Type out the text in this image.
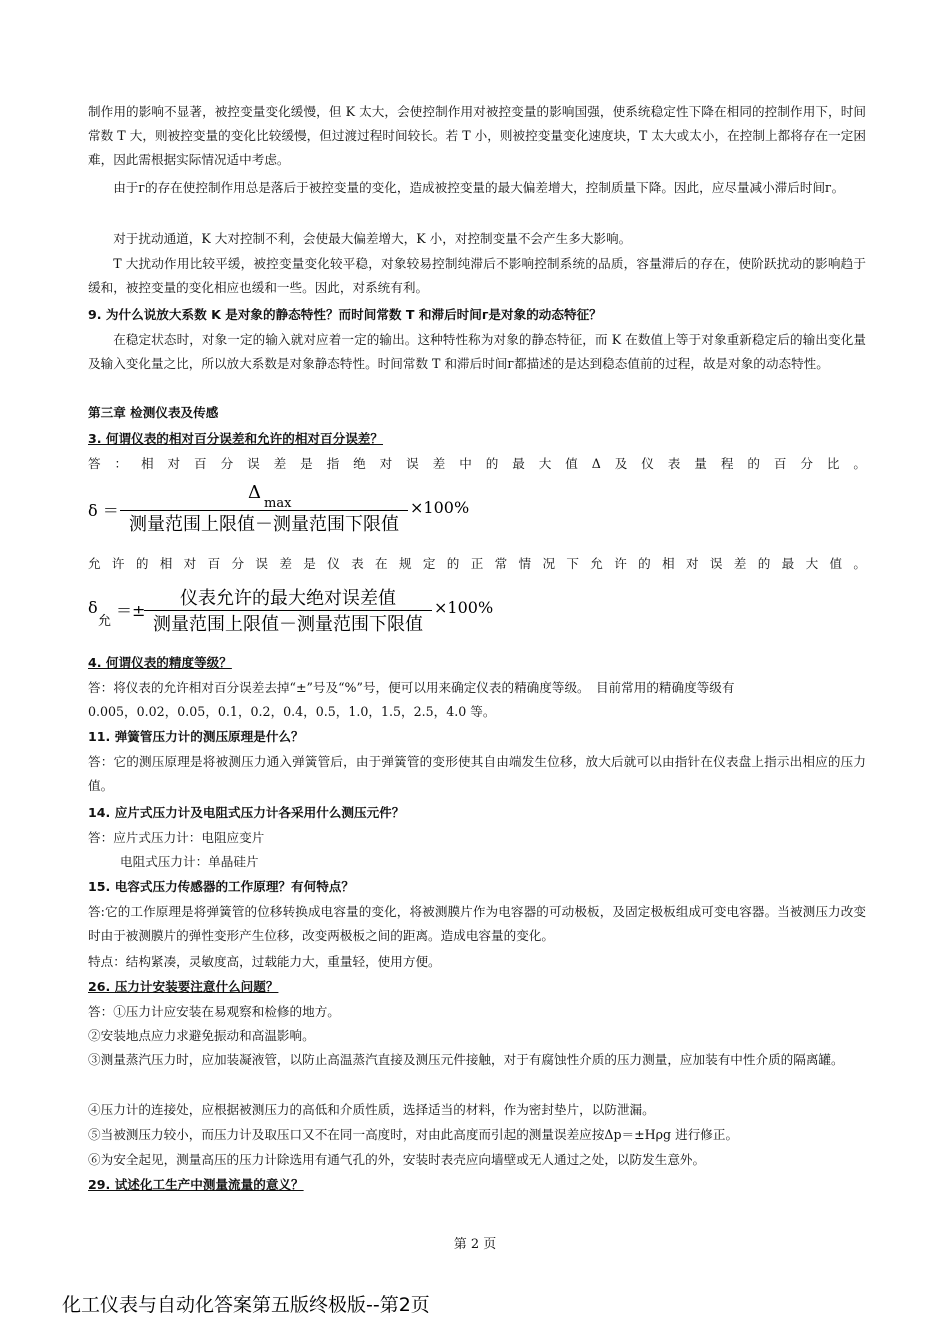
制作用的影响不显著，被控变量变化缓慢，但 K 太大，会使控制作用对被控变量的影响国强，使系统稳定性下降在相同的控制作用下，时间常数 T 大，则被控变量的变化比较缓慢，但过渡过程时间较长。若 T 小，则被控变量变化速度块，T 太大或太小，在控制上都将存在一定困难，因此需根据实际情况适中考虑。
由于г的存在使控制作用总是落后于被控变量的变化，造成被控变量的最大偏差增大，控制质量下降。因此，应尽量减小滞后时间г。
对于扰动通道，K 大对控制不利，会使最大偏差增大，K 小，对控制变量不会产生多大影响。
T 大扰动作用比较平缓，被控变量变化较平稳，对象较易控制纯滞后不影响控制系统的品质，容量滞后的存在，使阶跃扰动的影响趋于缓和，被控变量的变化相应也缓和一些。因此，对系统有利。
9. 为什么说放大系数 K 是对象的静态特性？而时间常数 T 和滞后时间г是对象的动态特征？
在稳定状态时，对象一定的输入就对应着一定的输出。这种特性称为对象的静态特征，而 K 在数值上等于对象重新稳定后的输出变化量及输入变化量之比，所以放大系数是对象静态特性。时间常数 T 和滞后时间г都描述的是达到稳态值前的过程，故是对象的动态特性。
第三章 检测仪表及传感
3. 何谓仪表的相对百分误差和允许的相对百分误差？
答：相对百分误差是指绝对误差中的最大值Δ及仪表量程的百分比。
δ ＝
Δ
max
测量范围上限值－测量范围下限值
×100%
允许的相对百分误差是仪表在规定的正常情况下允许的相对误差的最大值。
δ
允
＝±
仪表允许的最大绝对误差值
测量范围上限值－测量范围下限值
×100%
4. 何谓仪表的精度等级？
答：将仪表的允许相对百分误差去掉“±”号及“%”号，便可以用来确定仪表的精确度等级。　目前常用的精确度等级有
0.005，0.02，0.05，0.1，0.2，0.4，0.5，1.0，1.5，2.5，4.0 等。
11. 弹簧管压力计的测压原理是什么？
答：它的测压原理是将被测压力通入弹簧管后，由于弹簧管的变形使其自由端发生位移，放大后就可以由指针在仪表盘上指示出相应的压力值。
14. 应片式压力计及电阻式压力计各采用什么测压元件？
答：应片式压力计：电阻应变片
电阻式压力计：单晶硅片
15. 电容式压力传感器的工作原理？有何特点？
答:它的工作原理是将弹簧管的位移转换成电容量的变化，将被测膜片作为电容器的可动极板，及固定极板组成可变电容器。当被测压力改变时由于被测膜片的弹性变形产生位移，改变两极板之间的距离。造成电容量的变化。
特点：结构紧凑，灵敏度高，过载能力大，重量轻，使用方便。
26. 压力计安装要注意什么问题？
答：①压力计应安装在易观察和检修的地方。
②安装地点应力求避免振动和高温影响。
③测量蒸汽压力时，应加装凝液管，以防止高温蒸汽直接及测压元件接触，对于有腐蚀性介质的压力测量，应加装有中性介质的隔离罐。
④压力计的连接处，应根据被测压力的高低和介质性质，选择适当的材料，作为密封垫片，以防泄漏。
⑤当被测压力较小，而压力计及取压口又不在同一高度时，对由此高度而引起的测量误差应按Δp＝±Hρg 进行修正。
⑥为安全起见，测量高压的压力计除选用有通气孔的外，安装时表壳应向墙壁或无人通过之处，以防发生意外。
29. 试述化工生产中测量流量的意义？
第 2 页
化工仪表与自动化答案第五版终极版--第2页
